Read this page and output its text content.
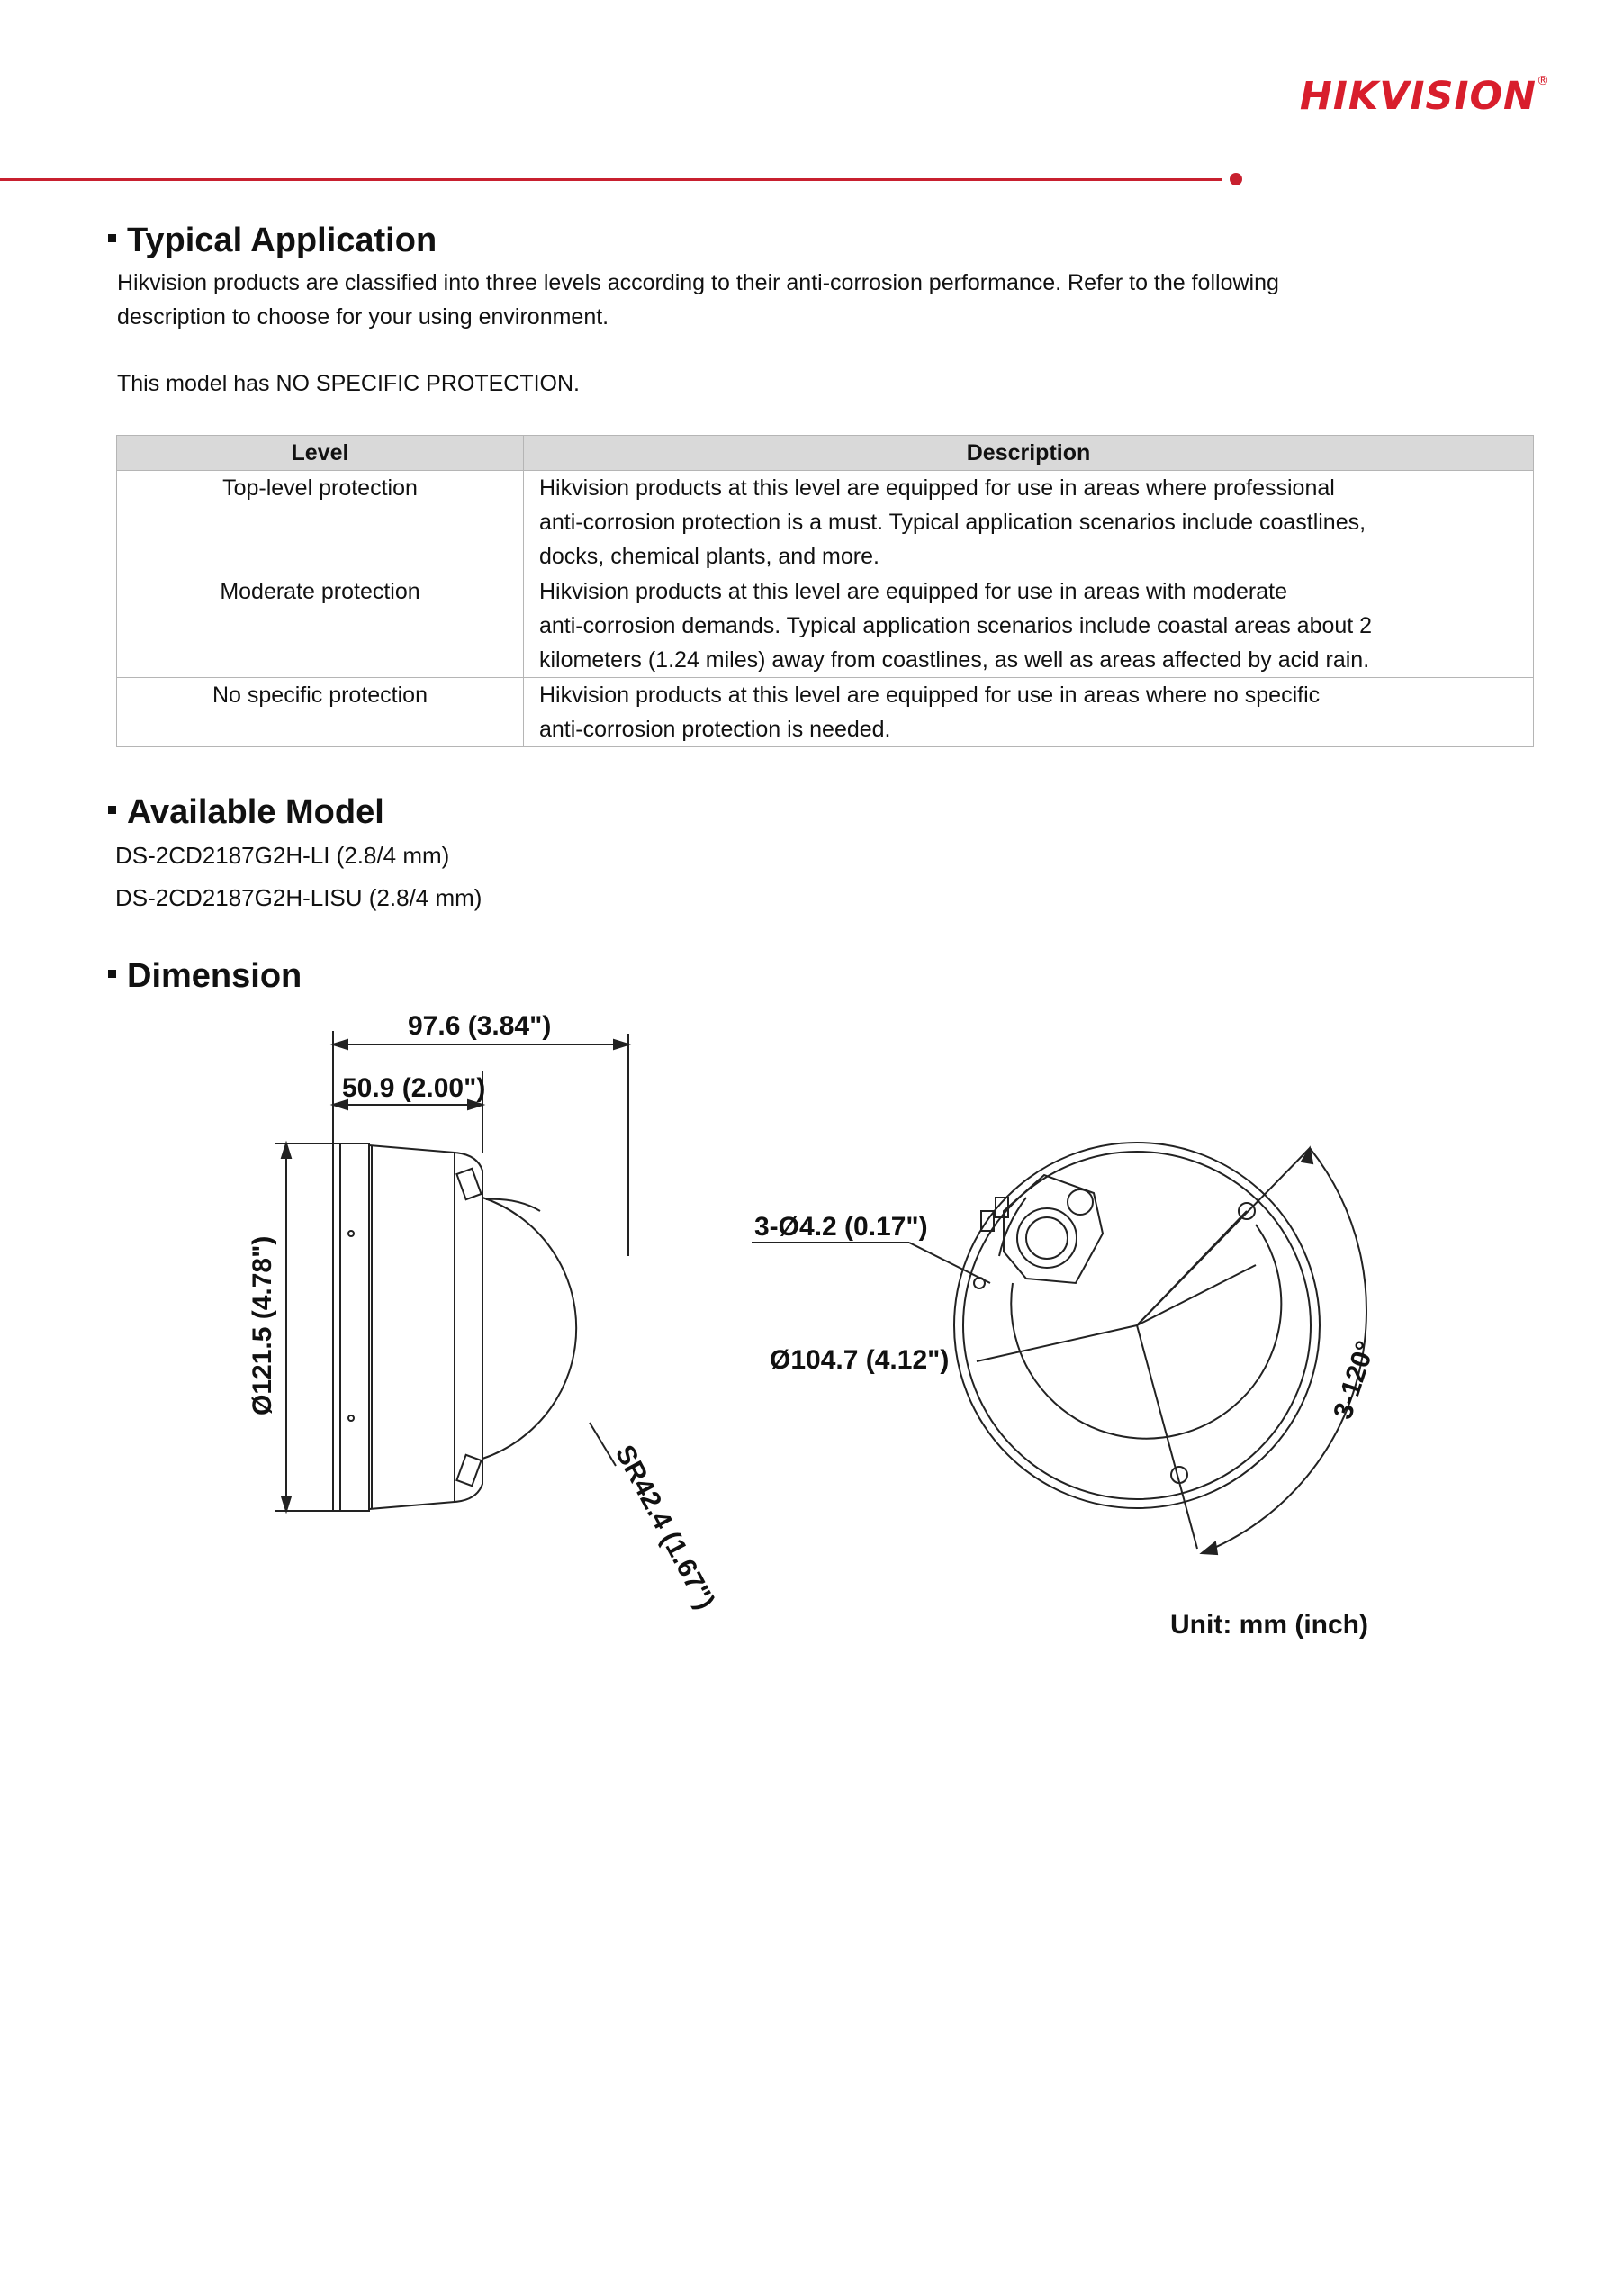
HIKVISION®
Typical Application
Hikvision products are classified into three levels according to their anti-corrosion performance. Refer to the following
description to choose for your using environment.
This model has NO SPECIFIC PROTECTION.
Level	Description
Top-level protection	Hikvision products at this level are equipped for use in areas where professional
anti-corrosion protection is a must. Typical application scenarios include coastlines,
docks, chemical plants, and more.

Moderate protection	Hikvision products at this level are equipped for use in areas with moderate
anti-corrosion demands. Typical application scenarios include coastal areas about 2
kilometers (1.24 miles) away from coastlines, as well as areas affected by acid rain.

No specific protection	Hikvision products at this level are equipped for use in areas where no specific
anti-corrosion protection is needed.
Available Model
DS-2CD2187G2H-LI (2.8/4 mm)
DS-2CD2187G2H-LISU (2.8/4 mm)
Dimension
97.6 (3.84")
50.9 (2.00")
Ø121.5 (4.78")
SR42.4 (1.67")
3-Ø4.2 (0.17")
Ø104.7 (4.12")	3-120°
Unit: mm (inch)
